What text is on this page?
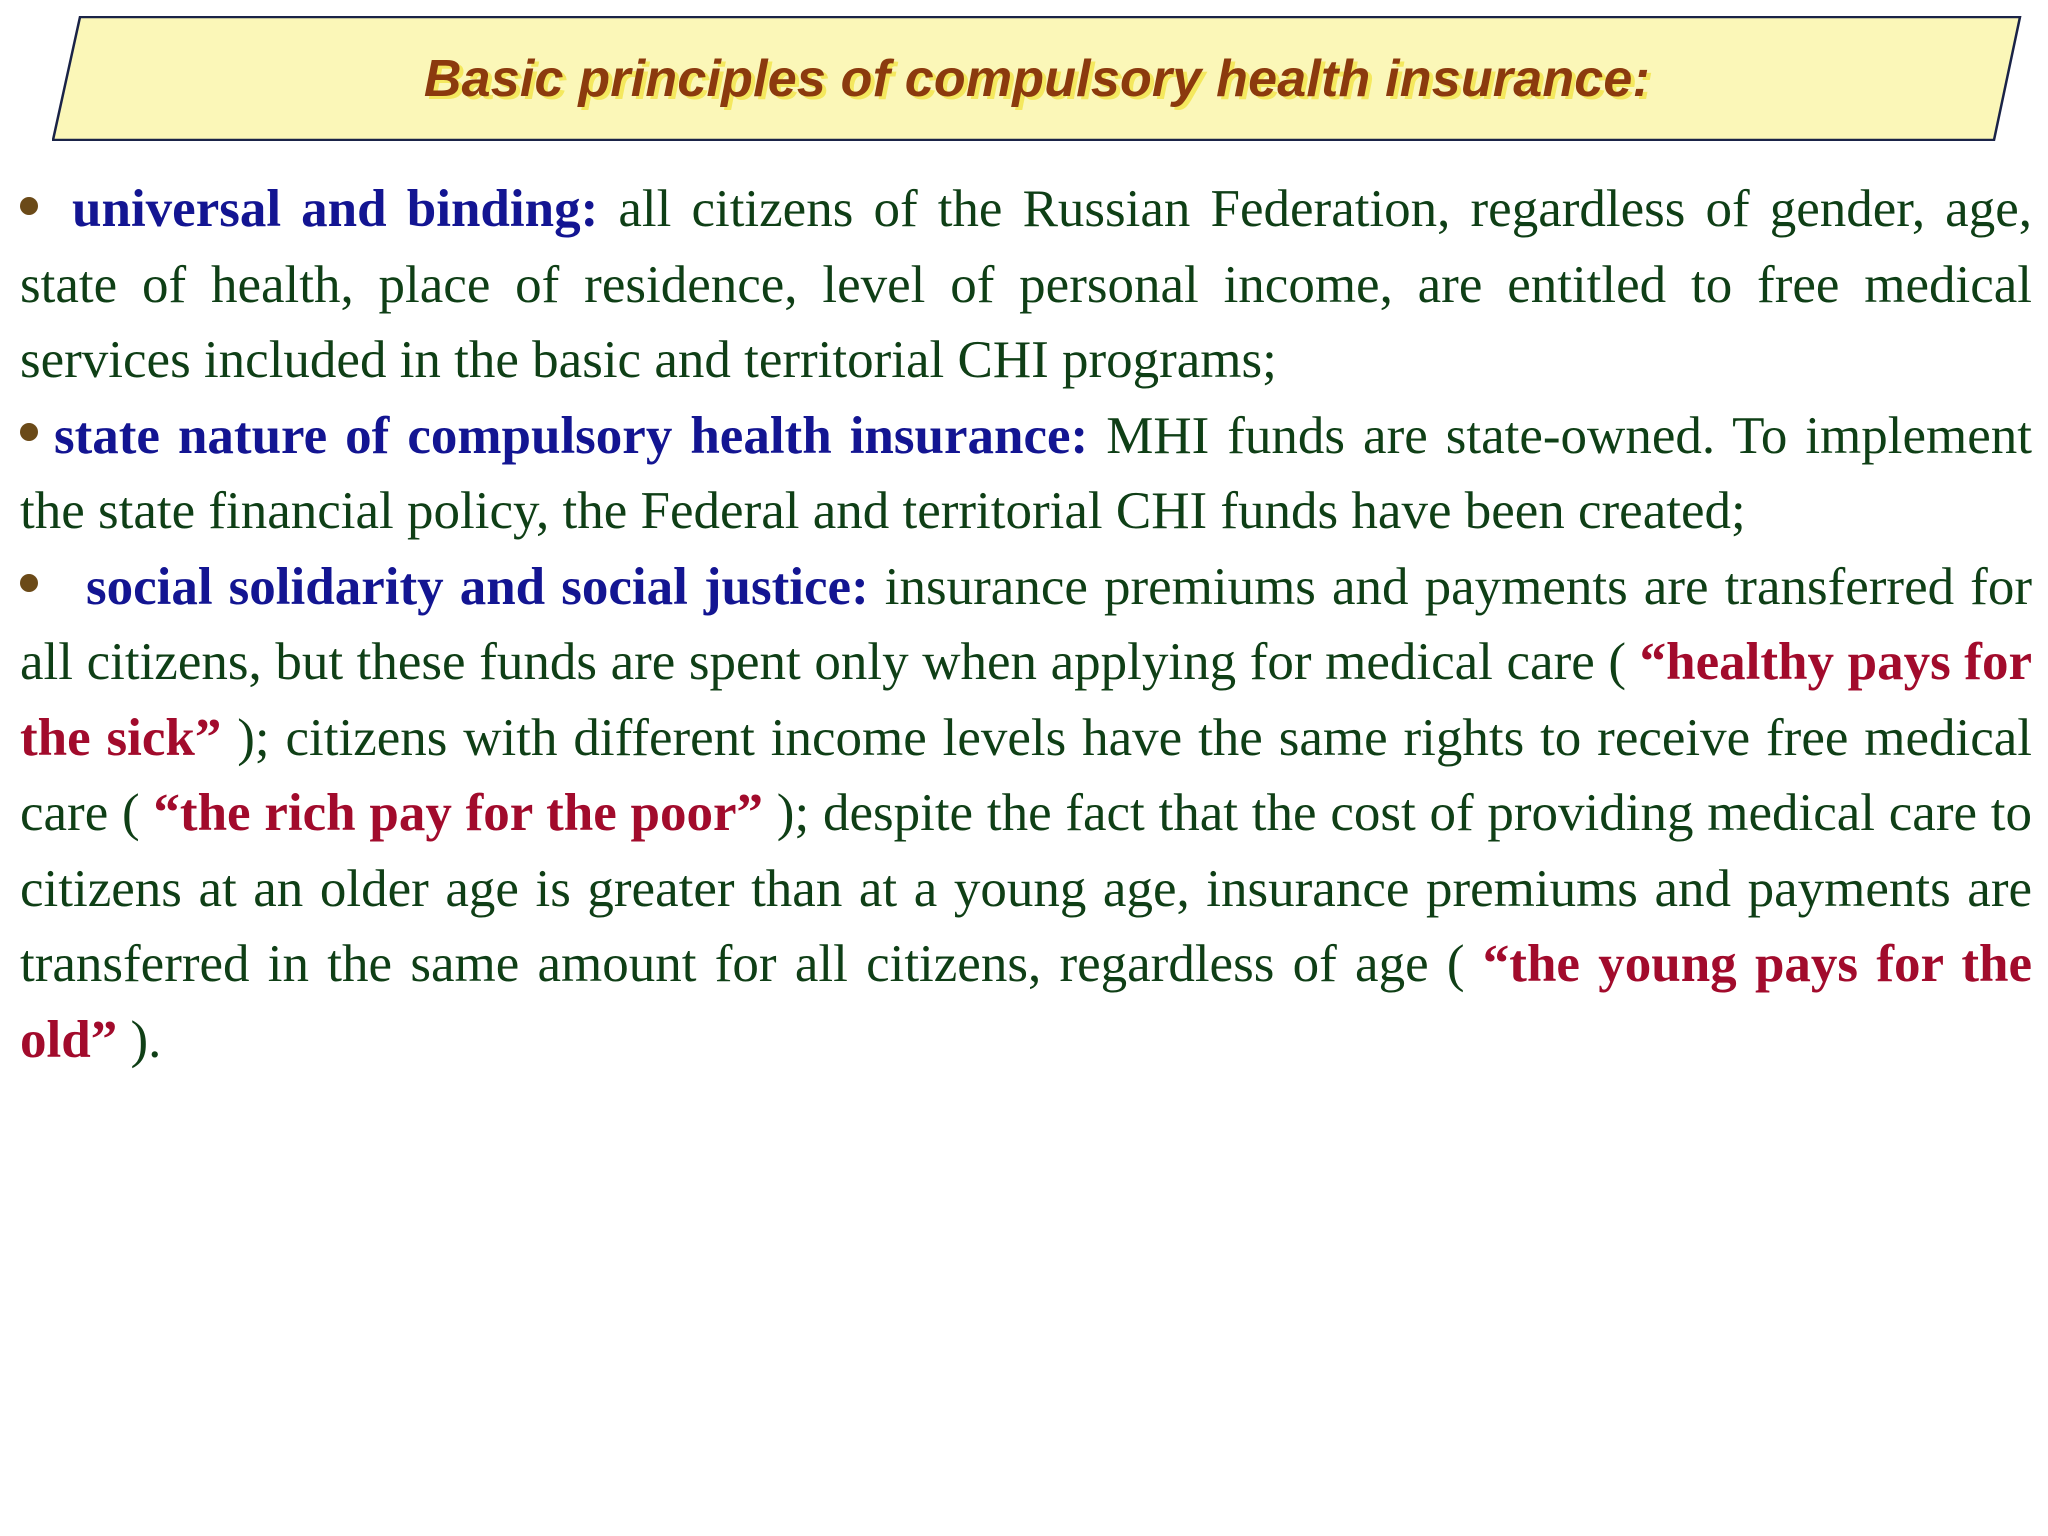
Basic principles of compulsory health insurance:

universal and binding: all citizens of the Russian Federation, regardless of gender, age, state of health, place of residence, level of personal income, are entitled to free medical services included in the basic and territorial CHI programs;

state nature of compulsory health insurance: MHI funds are state-owned. To implement the state financial policy, the Federal and territorial CHI funds have been created;

social solidarity and social justice: insurance premiums and payments are transferred for all citizens, but these funds are spent only when applying for medical care ( “healthy pays for the sick” ); citizens with different income levels have the same rights to receive free medical care ( “the rich pay for the poor” ); despite the fact that the cost of providing medical care to citizens at an older age is greater than at a young age, insurance premiums and payments are transferred in the same amount for all citizens, regardless of age ( “the young pays for the old” ).
